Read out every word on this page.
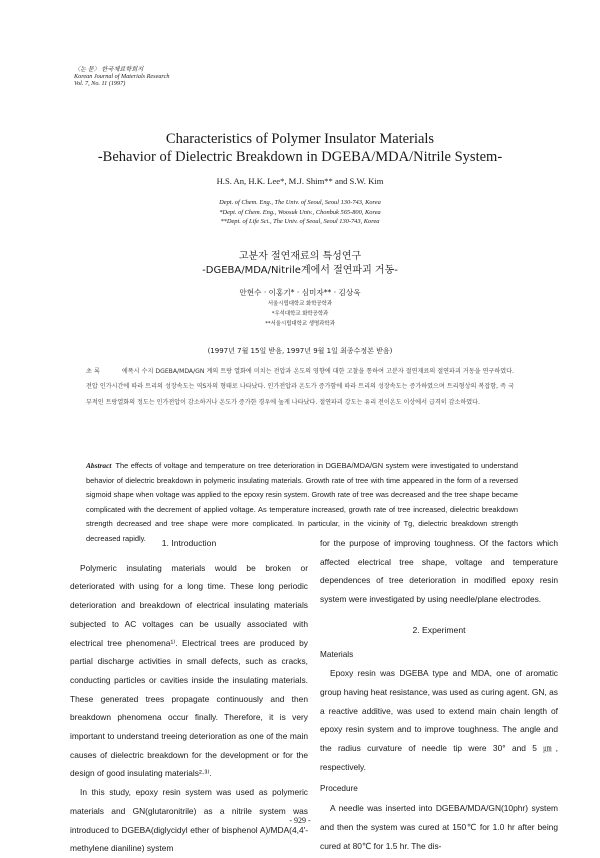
〈논 문〉 한국재료학회지
Korean Journal of Materials Research
Vol. 7, No. 11 (1997)
Characteristics of Polymer Insulator Materials
-Behavior of Dielectric Breakdown in DGEBA/MDA/Nitrile System-
H.S. An, H.K. Lee*, M.J. Shim** and S.W. Kim
Dept. of Chem. Eng., The Univ. of Seoul, Seoul 130-743, Korea
*Dept. of Chem. Eng., Woosuk Univ., Chonbuk 565-800, Korea
**Dept. of Life Sci., The Univ. of Seoul, Seoul 130-743, Korea
고분자 절연재료의 특성연구
-DGEBA/MDA/Nitrile계에서 절연파괴 거동-
안현수 · 이홍기* · 심미자** · 김상욱
서울시립대학교 화학공학과
*우석대학교 화학공학과
**서울시립대학교 생명과학과
(1997년 7월 15일 받음, 1997년 9월 1일 최종수정본 받음)
초 록	에폭시 수지 DGEBA/MDA/GN 계의 트랑 열화에 미치는 전압과 온도의 영향에 대한 고찰을 통하여 고분자 절연재료의 절연파괴 거동을 연구하였다. 전압 인가시간에 따라 트리의 성장속도는 역S자의 형태로 나타났다. 인가전압과 온도가 증가함에 따라 트리의 성장속도는 증가하였으며 트리형상의 복잡함, 즉 국부적인 트랑열화의 정도는 인가전압이 감소하거나 온도가 증가한 경우에 높게 나타났다. 절연파괴 강도는 유리 전이온도 이상에서 급격히 감소하였다.
Abstract The effects of voltage and temperature on tree deterioration in DGEBA/MDA/GN system were investigated to understand behavior of dielectric breakdown in polymeric insulating materials. Growth rate of tree with time appeared in the form of a reversed sigmoid shape when voltage was applied to the epoxy resin system. Growth rate of tree was decreased and the tree shape became complicated with the decrement of applied voltage. As temperature increased, growth rate of tree increased, dielectric breakdown strength decreased and tree shape were more complicated. In particular, in the vicinity of Tg, dielectric breakdown strength decreased rapidly.	1. Introduction

Polymeric insulating materials would be broken or deteriorated with using for a long time. These long periodic deterioration and breakdown of electrical insulating materials subjected to AC voltages can be usually associated with electrical tree phenomena¹⁾. Electrical trees are produced by partial discharge activities in small defects, such as cracks, conducting particles or cavities inside the insulating materials. These generated trees propagate continuously and then breakdown phenomena occur finally. Therefore, it is very important to understand treeing deterioration as one of the main causes of dielectric breakdown for the development or for the design of good insulating materials²·³⁾.

In this study, epoxy resin system was used as polymeric materials and GN(glutaronitrile) as a nitrile system was introduced to DGEBA(diglycidyl ether of bisphenol A)/MDA(4,4'-methylene dianiline) system

for the purpose of improving toughness. Of the factors which affected electrical tree shape, voltage and temperature dependences of tree deterioration in modified epoxy resin system were investigated by using needle/plane electrodes.

2. Experiment
Materials

Epoxy resin was DGEBA type and MDA, one of aromatic group having heat resistance, was used as curing agent. GN, as a reactive additive, was used to extend main chain length of epoxy resin system and to improve toughness. The angle and the radius curvature of needle tip were 30° and 5 ㎛, respectively.

Procedure

A needle was inserted into DGEBA/MDA/GN(10phr) system and then the system was cured at 150℃ for 1.0 hr after being cured at 80℃ for 1.5 hr. The dis-

- 929 -
